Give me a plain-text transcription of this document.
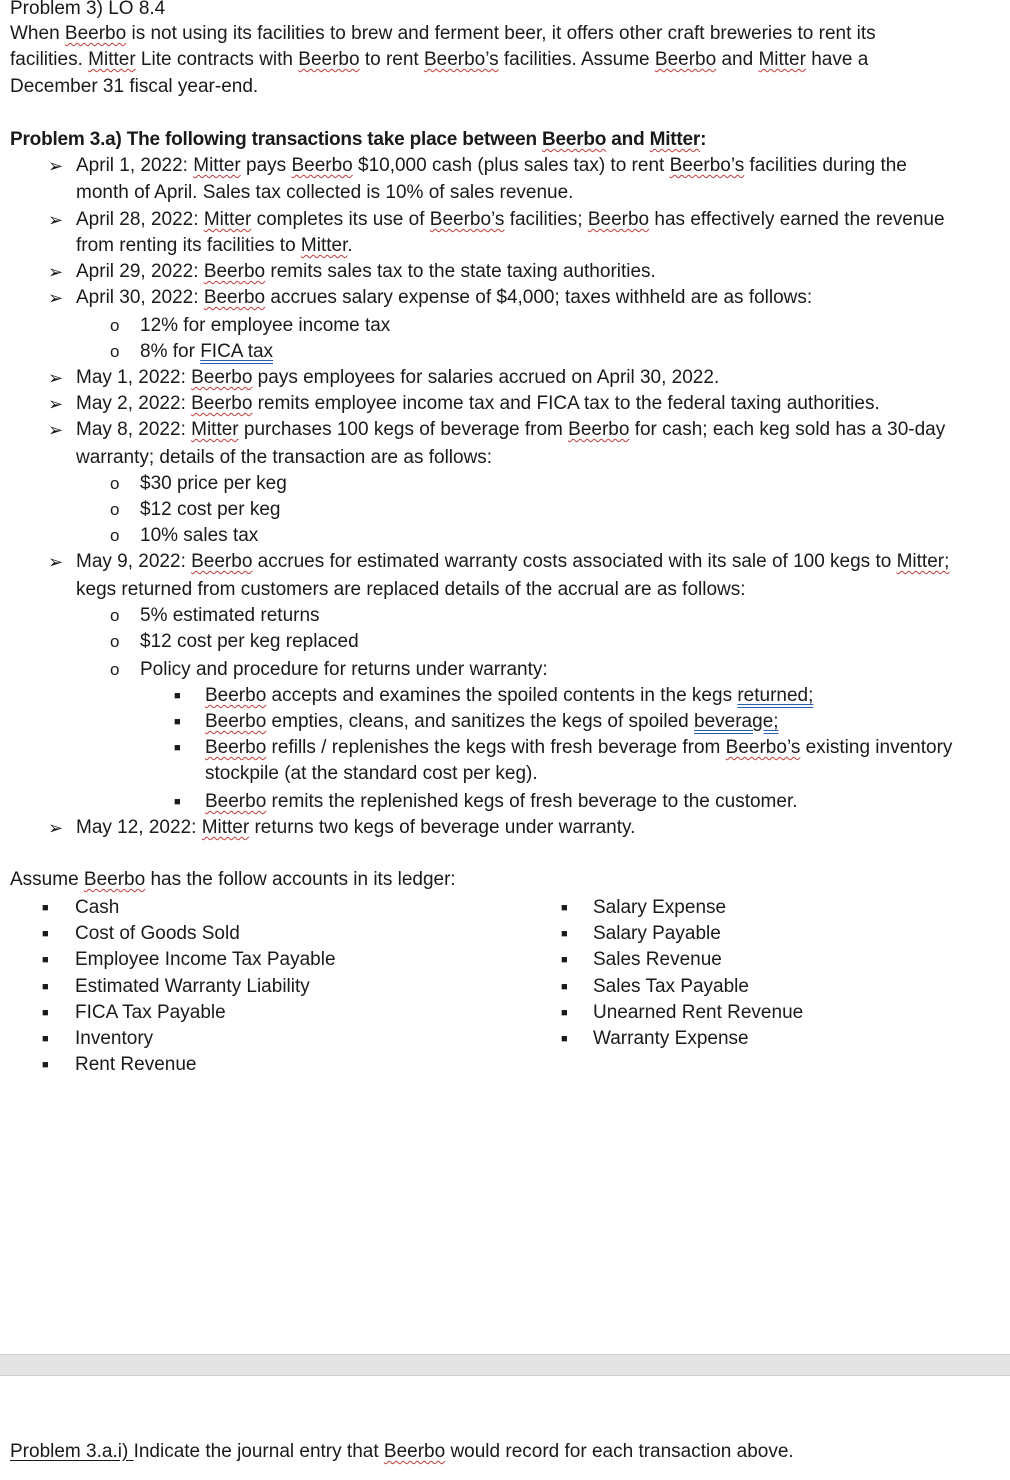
Problem 3) LO 8.4
When Beerbo is not using its facilities to brew and ferment beer, it offers other craft breweries to rent its
facilities. Mitter Lite contracts with Beerbo to rent Beerbo’s facilities. Assume Beerbo and Mitter have a
December 31 fiscal year-end.
Problem 3.a) The following transactions take place between Beerbo and Mitter:
➢ April 1, 2022: Mitter pays Beerbo $10,000 cash (plus sales tax) to rent Beerbo’s facilities during the
month of April. Sales tax collected is 10% of sales revenue.
➢ April 28, 2022: Mitter completes its use of Beerbo’s facilities; Beerbo has effectively earned the revenue
from renting its facilities to Mitter.
➢ April 29, 2022: Beerbo remits sales tax to the state taxing authorities.
➢ April 30, 2022: Beerbo accrues salary expense of $4,000; taxes withheld are as follows:
o 12% for employee income tax
o 8% for FICA tax
➢ May 1, 2022: Beerbo pays employees for salaries accrued on April 30, 2022.
➢ May 2, 2022: Beerbo remits employee income tax and FICA tax to the federal taxing authorities.
➢ May 8, 2022: Mitter purchases 100 kegs of beverage from Beerbo for cash; each keg sold has a 30-day
warranty; details of the transaction are as follows:
o $30 price per keg
o $12 cost per keg
o 10% sales tax
➢ May 9, 2022: Beerbo accrues for estimated warranty costs associated with its sale of 100 kegs to Mitter;
kegs returned from customers are replaced details of the accrual are as follows:
o 5% estimated returns
o $12 cost per keg replaced
o Policy and procedure for returns under warranty:
■ Beerbo accepts and examines the spoiled contents in the kegs returned;
■ Beerbo empties, cleans, and sanitizes the kegs of spoiled beverage;
■ Beerbo refills / replenishes the kegs with fresh beverage from Beerbo’s existing inventory
stockpile (at the standard cost per keg).
■ Beerbo remits the replenished kegs of fresh beverage to the customer.
➢ May 12, 2022: Mitter returns two kegs of beverage under warranty.
Assume Beerbo has the follow accounts in its ledger:
■ Cash
■ Cost of Goods Sold
■ Employee Income Tax Payable
■ Estimated Warranty Liability
■ FICA Tax Payable
■ Inventory
■ Rent Revenue
■ Salary Expense
■ Salary Payable
■ Sales Revenue
■ Sales Tax Payable
■ Unearned Rent Revenue
■ Warranty Expense
Problem 3.a.i) Indicate the journal entry that Beerbo would record for each transaction above.
